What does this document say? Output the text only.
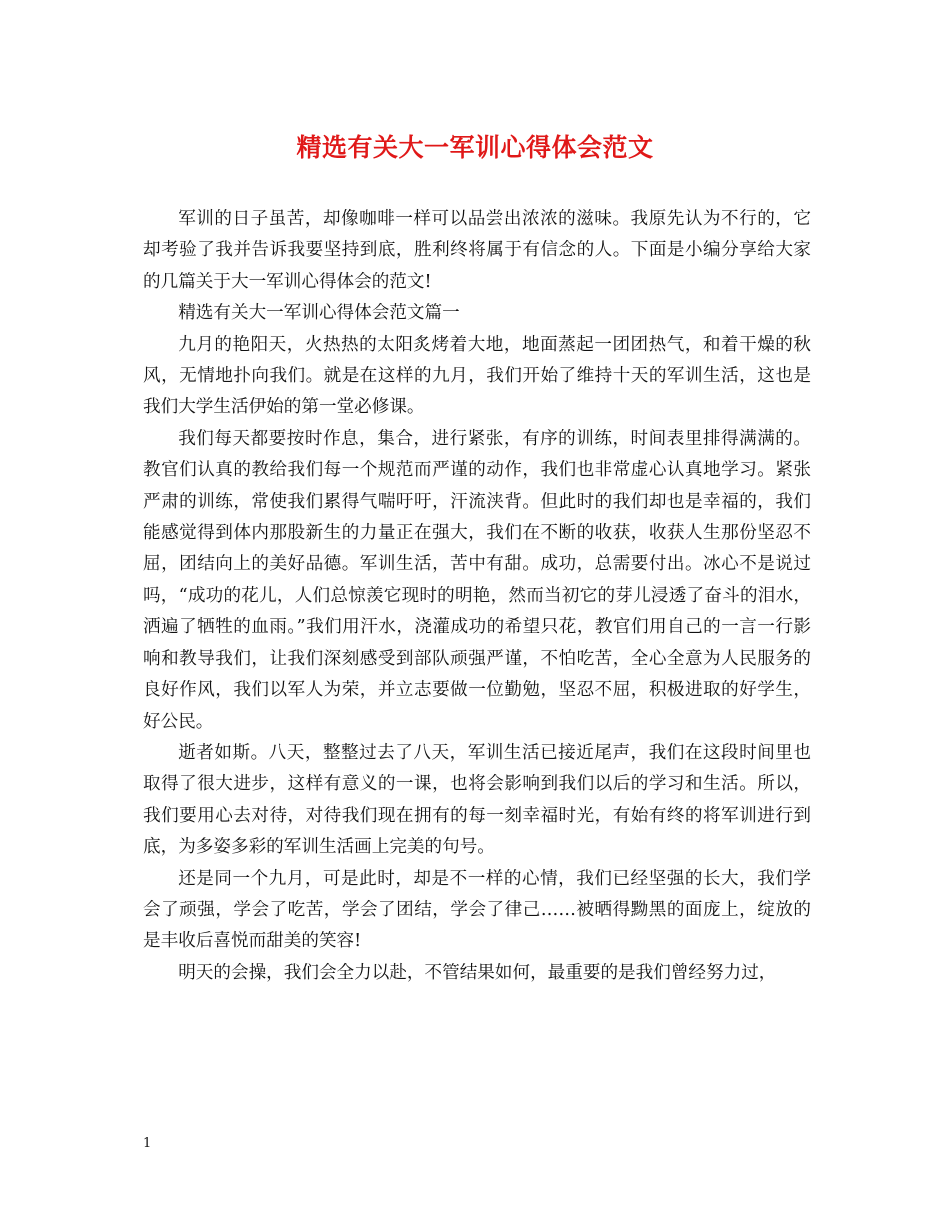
精选有关大一军训心得体会范文

军训的日子虽苦，却像咖啡一样可以品尝出浓浓的滋味。我原先认为不行的，它却考验了我并告诉我要坚持到底，胜利终将属于有信念的人。下面是小编分享给大家的几篇关于大一军训心得体会的范文!

精选有关大一军训心得体会范文篇一

九月的艳阳天，火热热的太阳炙烤着大地，地面蒸起一团团热气，和着干燥的秋风，无情地扑向我们。就是在这样的九月，我们开始了维持十天的军训生活，这也是我们大学生活伊始的第一堂必修课。

我们每天都要按时作息，集合，进行紧张，有序的训练，时间表里排得满满的。教官们认真的教给我们每一个规范而严谨的动作，我们也非常虚心认真地学习。紧张严肃的训练，常使我们累得气喘吁吁，汗流浃背。但此时的我们却也是幸福的，我们能感觉得到体内那股新生的力量正在强大，我们在不断的收获，收获人生那份坚忍不屈，团结向上的美好品德。军训生活，苦中有甜。成功，总需要付出。冰心不是说过吗，“成功的花儿，人们总惊羡它现时的明艳，然而当初它的芽儿浸透了奋斗的泪水，洒遍了牺牲的血雨。”我们用汗水，浇灌成功的希望只花，教官们用自己的一言一行影响和教导我们，让我们深刻感受到部队顽强严谨，不怕吃苦，全心全意为人民服务的良好作风，我们以军人为荣，并立志要做一位勤勉，坚忍不屈，积极进取的好学生，好公民。

逝者如斯。八天，整整过去了八天，军训生活已接近尾声，我们在这段时间里也取得了很大进步，这样有意义的一课，也将会影响到我们以后的学习和生活。所以，我们要用心去对待，对待我们现在拥有的每一刻幸福时光，有始有终的将军训进行到底，为多姿多彩的军训生活画上完美的句号。

还是同一个九月，可是此时，却是不一样的心情，我们已经坚强的长大，我们学会了顽强，学会了吃苦，学会了团结，学会了律己……被晒得黝黑的面庞上，绽放的是丰收后喜悦而甜美的笑容!

明天的会操，我们会全力以赴，不管结果如何，最重要的是我们曾经努力过，

1
